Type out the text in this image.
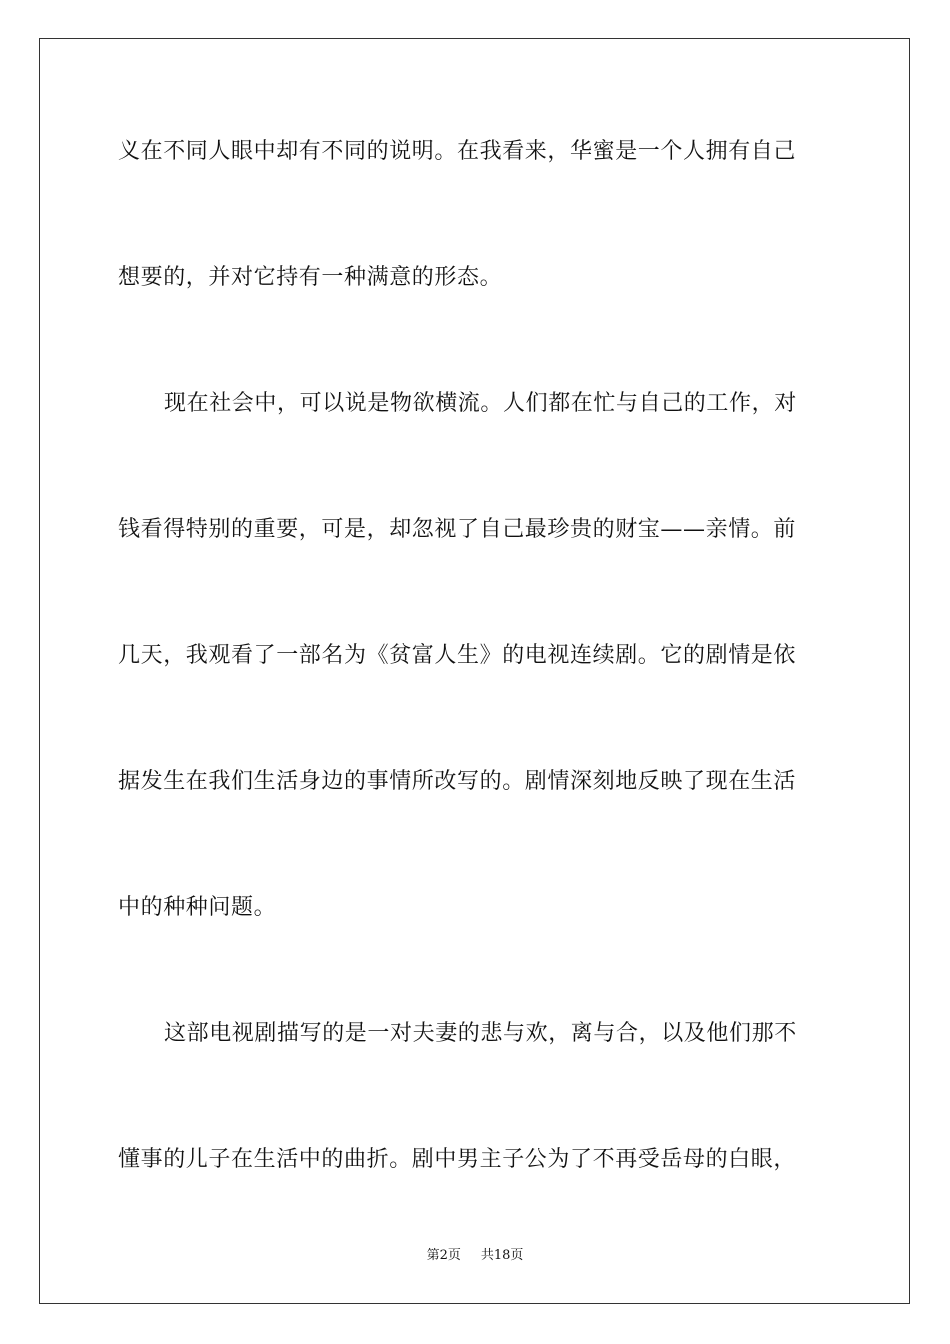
义在不同人眼中却有不同的说明。在我看来，华蜜是一个人拥有自己
想要的，并对它持有一种满意的形态。
现在社会中，可以说是物欲横流。人们都在忙与自己的工作，对
钱看得特别的重要，可是，却忽视了自己最珍贵的财宝——亲情。前
几天，我观看了一部名为《贫富人生》的电视连续剧。它的剧情是依
据发生在我们生活身边的事情所改写的。剧情深刻地反映了现在生活
中的种种问题。
这部电视剧描写的是一对夫妻的悲与欢，离与合，以及他们那不
懂事的儿子在生活中的曲折。剧中男主子公为了不再受岳母的白眼，
第2页 共18页
